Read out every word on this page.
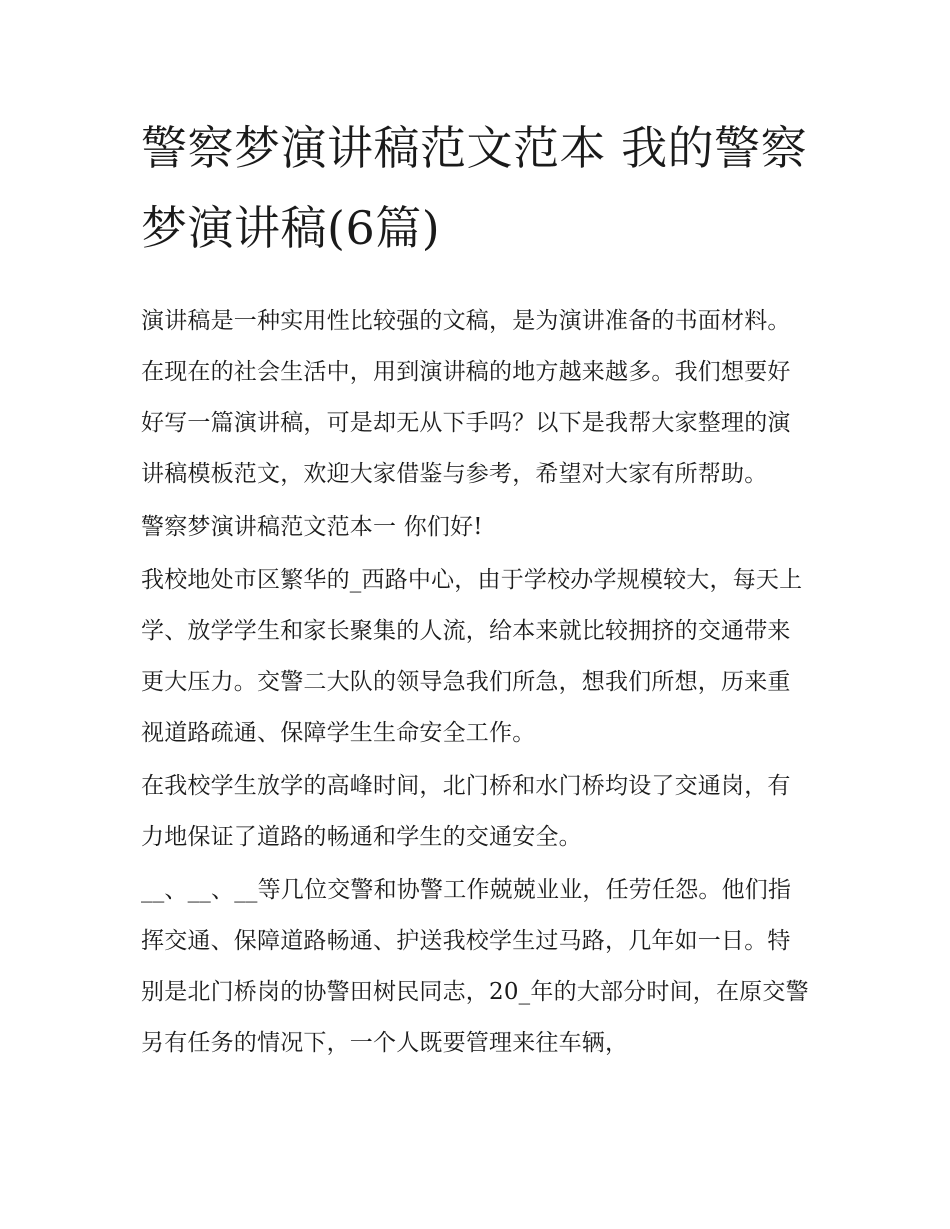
警察梦演讲稿范文范本 我的警察梦演讲稿(6篇)

演讲稿是一种实用性比较强的文稿，是为演讲准备的书面材料。在现在的社会生活中，用到演讲稿的地方越来越多。我们想要好好写一篇演讲稿，可是却无从下手吗？以下是我帮大家整理的演讲稿模板范文，欢迎大家借鉴与参考，希望对大家有所帮助。

警察梦演讲稿范文范本一 你们好!

我校地处市区繁华的_西路中心，由于学校办学规模较大，每天上学、放学学生和家长聚集的人流，给本来就比较拥挤的交通带来更大压力。交警二大队的领导急我们所急，想我们所想，历来重视道路疏通、保障学生生命安全工作。

在我校学生放学的高峰时间，北门桥和水门桥均设了交通岗，有力地保证了道路的畅通和学生的交通安全。

__、__、__等几位交警和协警工作兢兢业业，任劳任怨。他们指挥交通、保障道路畅通、护送我校学生过马路，几年如一日。特别是北门桥岗的协警田树民同志，20_年的大部分时间，在原交警另有任务的情况下，一个人既要管理来往车辆，
